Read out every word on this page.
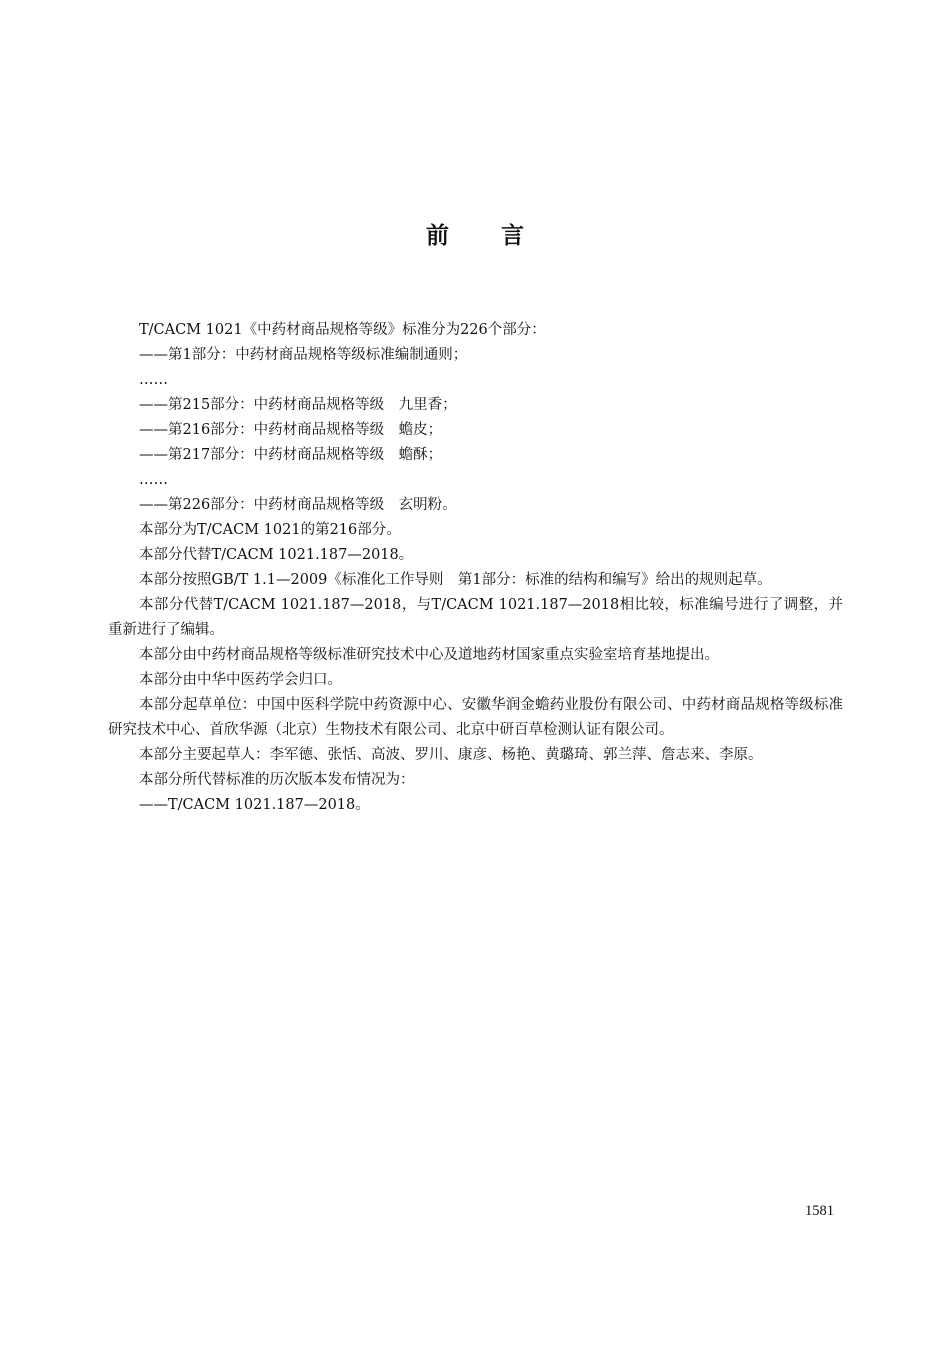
前 言

T/CACM 1021《中药材商品规格等级》标准分为226个部分：

——第1部分：中药材商品规格等级标准编制通则；

……

——第215部分：中药材商品规格等级　九里香；

——第216部分：中药材商品规格等级　蟾皮；

——第217部分：中药材商品规格等级　蟾酥；

……

——第226部分：中药材商品规格等级　玄明粉。

本部分为T/CACM 1021的第216部分。

本部分代替T/CACM 1021.187—2018。

本部分按照GB/T 1.1—2009《标准化工作导则　第1部分：标准的结构和编写》给出的规则起草。

本部分代替T/CACM 1021.187—2018，与T/CACM 1021.187—2018相比较，标准编号进行了调整，并重新进行了编辑。

本部分由中药材商品规格等级标准研究技术中心及道地药材国家重点实验室培育基地提出。

本部分由中华中医药学会归口。

本部分起草单位：中国中医科学院中药资源中心、安徽华润金蟾药业股份有限公司、中药材商品规格等级标准研究技术中心、首欣华源（北京）生物技术有限公司、北京中研百草检测认证有限公司。

本部分主要起草人：李军德、张恬、高波、罗川、康彦、杨艳、黄璐琦、郭兰萍、詹志来、李原。

本部分所代替标准的历次版本发布情况为：

——T/CACM 1021.187—2018。

1581
